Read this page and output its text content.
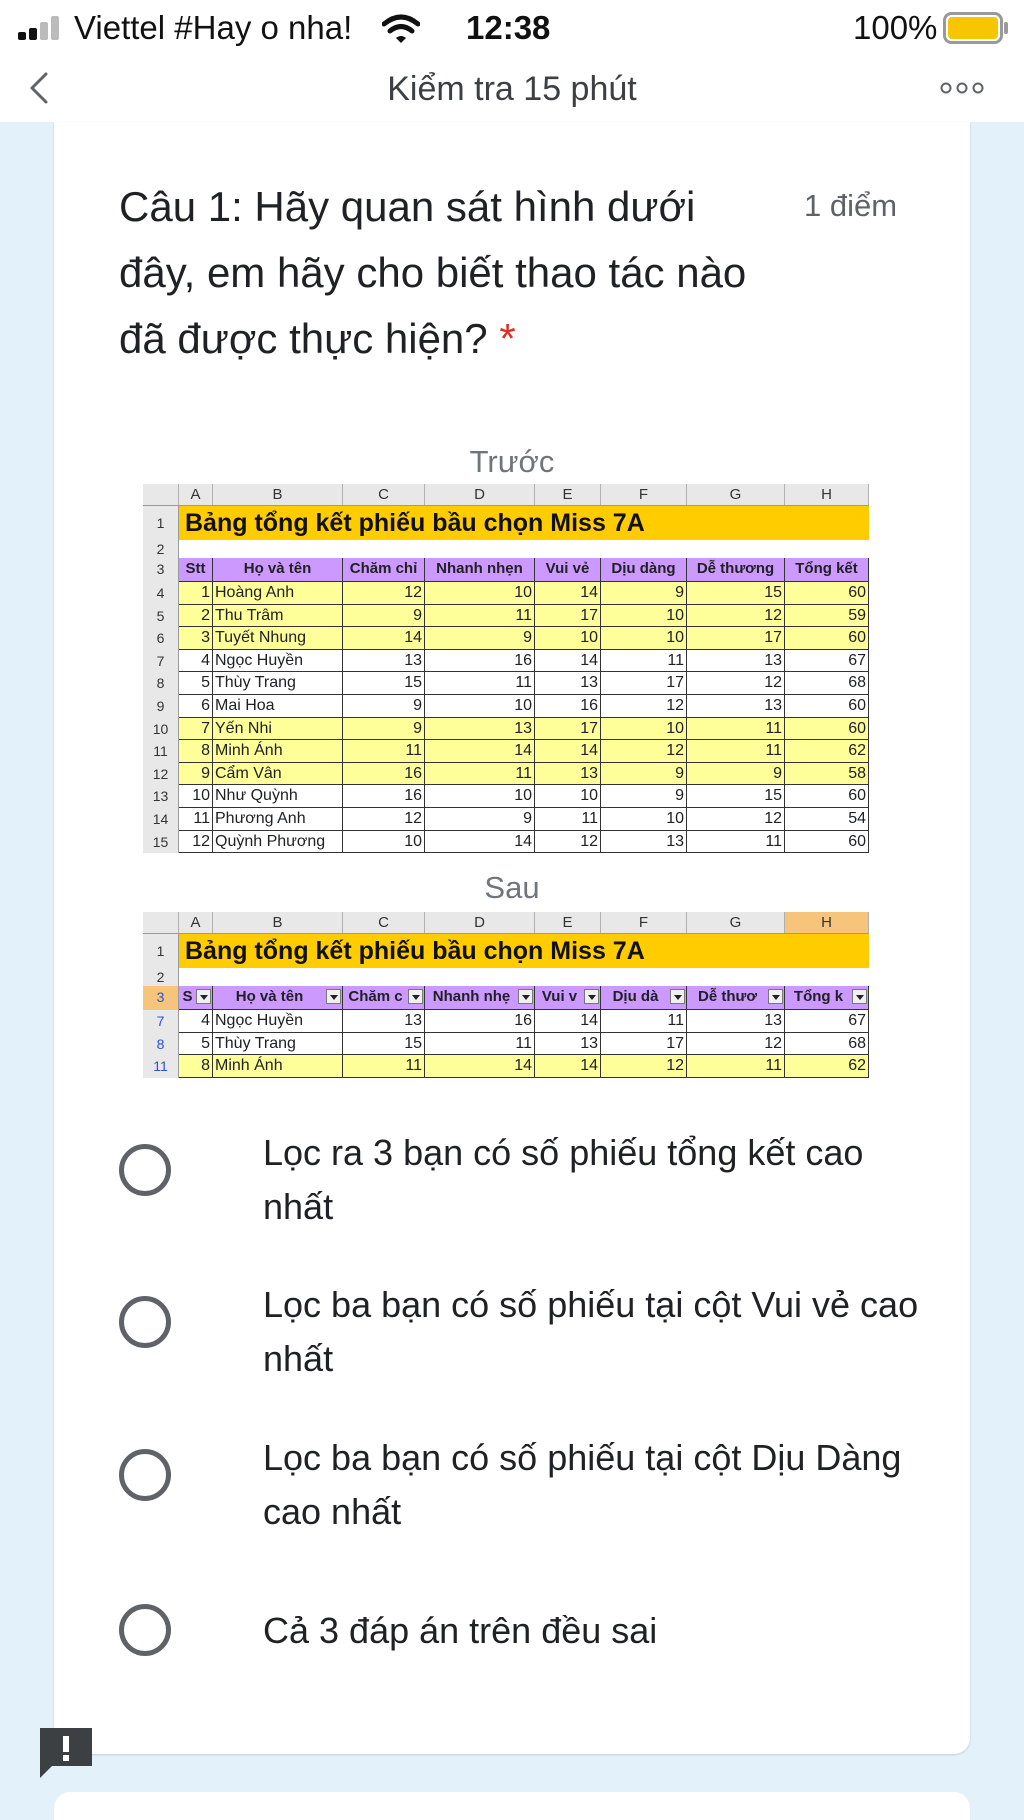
Viettel #Hay o nha!	12:38	100%
Kiểm tra 15 phút
Câu 1: Hãy quan sát hình dưới đây, em hãy cho biết thao tác nào đã được thực hiện? *
1 điểm
Trước
A	B	C	D	E	F	G	H
1 Bảng tổng kết phiếu bầu chọn Miss 7A
2
3	Stt	Họ và tên	Chăm chỉ	Nhanh nhẹn	Vui vẻ	Dịu dàng	Dễ thương	Tổng kết
4	1 Hoàng Anh	12	10	14	9	15	60
5	2 Thu Trâm	9	11	17	10	12	59
6	3 Tuyết Nhung	14	9	10	10	17	60
7	4 Ngọc Huyền	13	16	14	11	13	67
8	5 Thùy Trang	15	11	13	17	12	68
9	6 Mai Hoa	9	10	16	12	13	60
10	7 Yến Nhi	9	13	17	10	11	60
11	8 Minh Ánh	11	14	14	12	11	62
12	9 Cẩm Vân	16	11	13	9	9	58
13	10 Như Quỳnh	16	10	10	9	15	60
14	11 Phương Anh	12	9	11	10	12	54
15	12 Quỳnh Phương	10	14	12	13	11	60
Sau
A	B	C	D	E	F	G	H
1 Bảng tổng kết phiếu bầu chọn Miss 7A
2
3	S	Họ và tên	Chăm c	Nhanh nhẹ	Vui v	Dịu dà	Dễ thươ	Tổng k
7	4 Ngọc Huyền	13	16	14	11	13	67
8	5 Thùy Trang	15	11	13	17	12	68
11	8 Minh Ánh	11	14	14	12	11	62
Lọc ra 3 bạn có số phiếu tổng kết cao nhất
Lọc ba bạn có số phiếu tại cột Vui vẻ cao nhất
Lọc ba bạn có số phiếu tại cột Dịu Dàng cao nhất
Cả 3 đáp án trên đều sai
